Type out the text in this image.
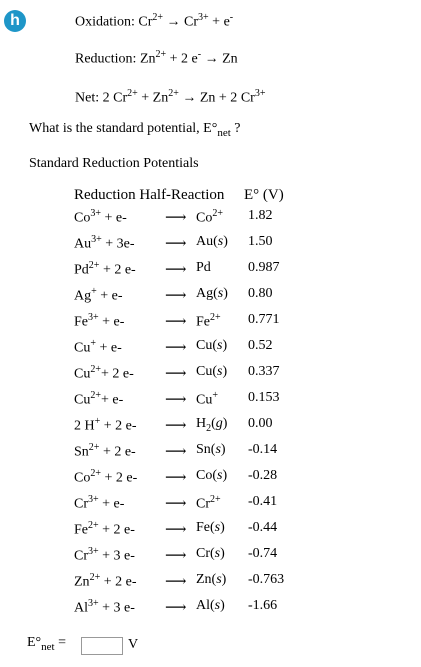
h	Oxidation: $Cr^{2+} \to Cr^{3+} + e^-$
Reduction: $Zn^{2+} + 2$ e- → Zn
Net: 2 $Cr^{2+} + Zn^{2+} \to Zn + 2$ $Cr^{3+}$
What is the standard potential, $E^\circ_{net}$ ?
Standard Reduction Potentials
Reduction Half-Reaction E° (V)
$Co^{3+} + e-$	⟶ $Co^{2+}$ 1.82
$Au^{3+} + 3e-$ ⟶ Au(s) 1.50
$Pd^{2+} + 2$ e- ⟶ Pd	0.987
Ag+ + e-	⟶ Ag(s) 0.80
$Fe^{3+} + e-$	⟶ $Fe^{2+}$ 0.771
Cu+ + e-	⟶ Cu(s) 0.52
$Cu^{2+}+ 2$ e- ⟶ Cu(s) 0.337
$Cu^{2+}+ e-$	⟶ Cu+ 0.153
2 H+ + 2 e- ⟶ $H_2(g)$ 0.00
$Sn^{2+} + 2$ e- ⟶ Sn(s) -0.14
$Co^{2+} + 2$ e- ⟶ Co(s) -0.28
$Cr^{3+} + e-$	⟶ $Cr^{2+}$ -0.41
$Fe^{2+} + 2$ e- ⟶ Fe(s) -0.44
$Cr^{3+} + 3$ e- ⟶ Cr(s) -0.74
$Zn^{2+} + 2$ e- ⟶ Zn(s) -0.763
$Al^{3+} + 3$ e- ⟶ Al(s) -1.66
$E^\circ_{net}$ =	V
